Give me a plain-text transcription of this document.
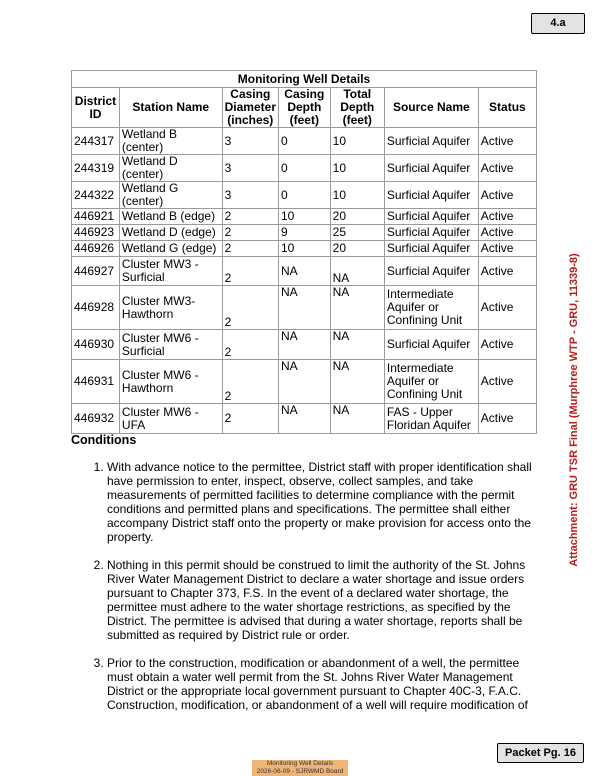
4.a
Attachment: GRU TSR Final (Murphree WTP - GRU, 11339-8)
Monitoring Well Details						
District ID	Station Name	Casing Diameter (inches)	Casing Depth (feet)	Total Depth (feet)	Source Name	Status
244317	Wetland B (center)	3	0	10	Surficial Aquifer	Active
244319	Wetland D (center)	3	0	10	Surficial Aquifer	Active
244322	Wetland G (center)	3	0	10	Surficial Aquifer	Active
446921	Wetland B (edge)	2	10	20	Surficial Aquifer	Active
446923	Wetland D (edge)	2	9	25	Surficial Aquifer	Active
446926	Wetland G (edge)	2	10	20	Surficial Aquifer	Active
446927	Cluster MW3 - Surficial	2	NA	NA	Surficial Aquifer	Active
446928	Cluster MW3- Hawthorn	2	NA	NA	Intermediate Aquifer or Confining Unit	Active
446930	Cluster MW6 - Surficial	2	NA	NA	Surficial Aquifer	Active
446931	Cluster MW6 - Hawthorn	2	NA	NA	Intermediate Aquifer or Confining Unit	Active
446932	Cluster MW6 - UFA	2	NA	NA	FAS - Upper Floridan Aquifer	Active
Conditions
1. With advance notice to the permittee, District staff with proper identification shall have permission to enter, inspect, observe, collect samples, and take measurements of permitted facilities to determine compliance with the permit conditions and permitted plans and specifications. The permittee shall either accompany District staff onto the property or make provision for access onto the property.
2. Nothing in this permit should be construed to limit the authority of the St. Johns River Water Management District to declare a water shortage and issue orders pursuant to Chapter 373, F.S. In the event of a declared water shortage, the permittee must adhere to the water shortage restrictions, as specified by the District. The permittee is advised that during a water shortage, reports shall be submitted as required by District rule or order.
3. Prior to the construction, modification or abandonment of a well, the permittee must obtain a water well permit from the St. Johns River Water Management District or the appropriate local government pursuant to Chapter 40C-3, F.A.C. Construction, modification, or abandonment of a well will require modification of
Packet Pg. 16
Monitoring Well Details
2026-06-09 - SJRWMD Board
